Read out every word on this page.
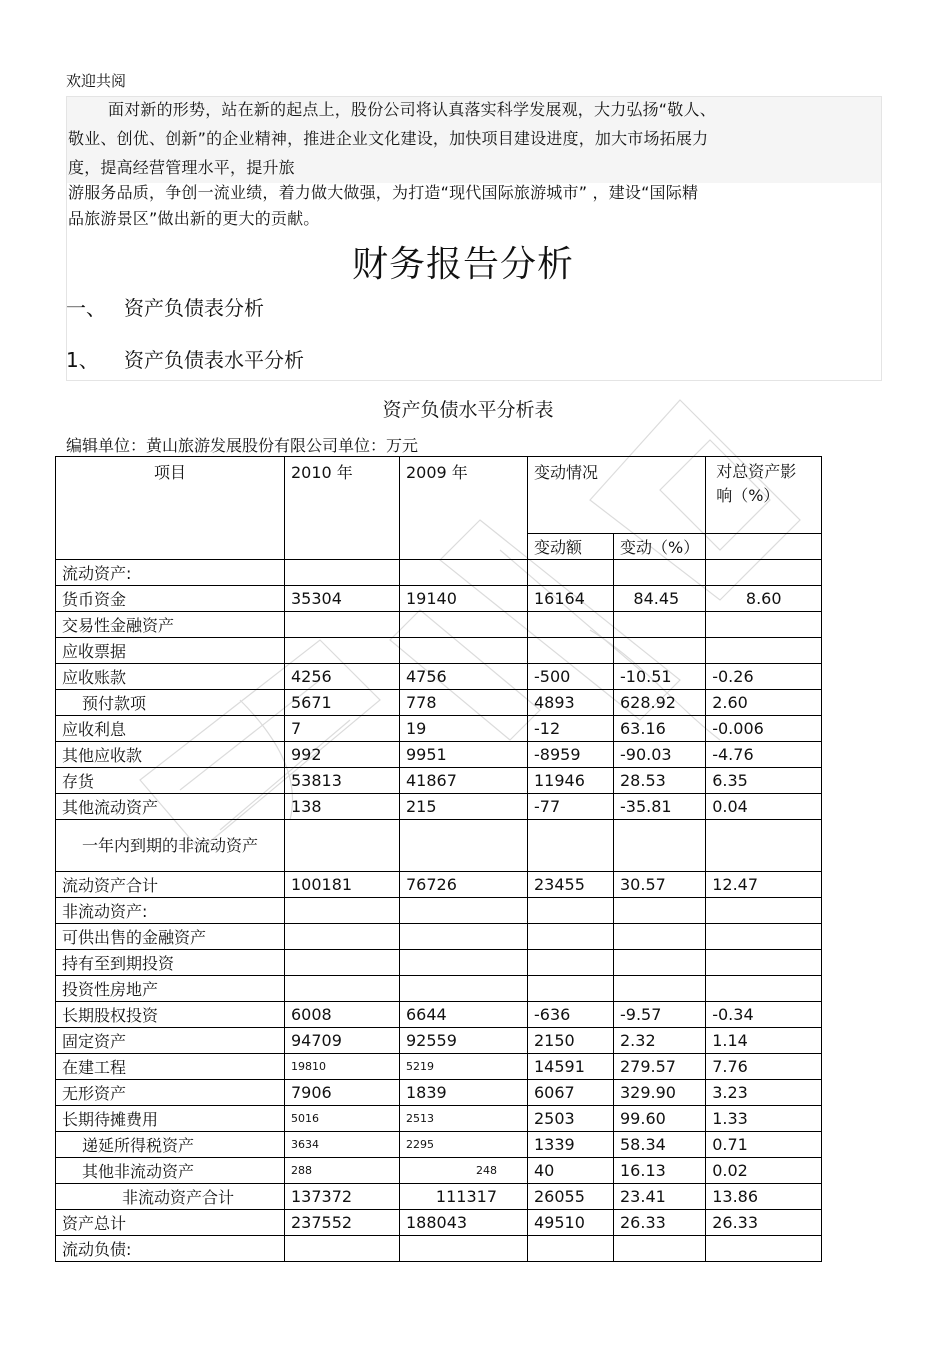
欢迎共阅
面对新的形势，站在新的起点上，股份公司将认真落实科学发展观，大力弘扬“敬人、
敬业、创优、创新”的企业精神，推进企业文化建设，加快项目建设进度，加大市场拓展力
度，提高经营管理水平，提升旅
游服务品质，争创一流业绩，着力做大做强，为打造“现代国际旅游城市” ，建设“国际精
品旅游景区”做出新的更大的贡献。
财务报告分析
一、 资产负债表分析
1、 资产负债表水平分析
资产负债水平分析表
编辑单位：黄山旅游发展股份有限公司单位：万元
项目	2010 年	2009 年	变动情况		对总资产影响（%）
			变动额	变动（%）	
流动资产:					
货币资金	35304	19140	16164	84.45	8.60
交易性金融资产					
应收票据					
应收账款	4256	4756	-500	-10.51	-0.26
预付款项	5671	778	4893	628.92	2.60
应收利息	7	19	-12	63.16	-0.006
其他应收款	992	9951	-8959	-90.03	-4.76
存货	53813	41867	11946	28.53	6.35
其他流动资产	138	215	-77	-35.81	0.04
一年内到期的非流动资产					
流动资产合计	100181	76726	23455	30.57	12.47
非流动资产:					
可供出售的金融资产					
持有至到期投资					
投资性房地产					
长期股权投资	6008	6644	-636	-9.57	-0.34
固定资产	94709	92559	2150	2.32	1.14
在建工程	19810	5219	14591	279.57	7.76
无形资产	7906	1839	6067	329.90	3.23
长期待摊费用	5016	2513	2503	99.60	1.33
递延所得税资产	3634	2295	1339	58.34	0.71
其他非流动资产	288	248	40	16.13	0.02
非流动资产合计	137372	111317	26055	23.41	13.86
资产总计	237552	188043	49510	26.33	26.33
流动负债:					
